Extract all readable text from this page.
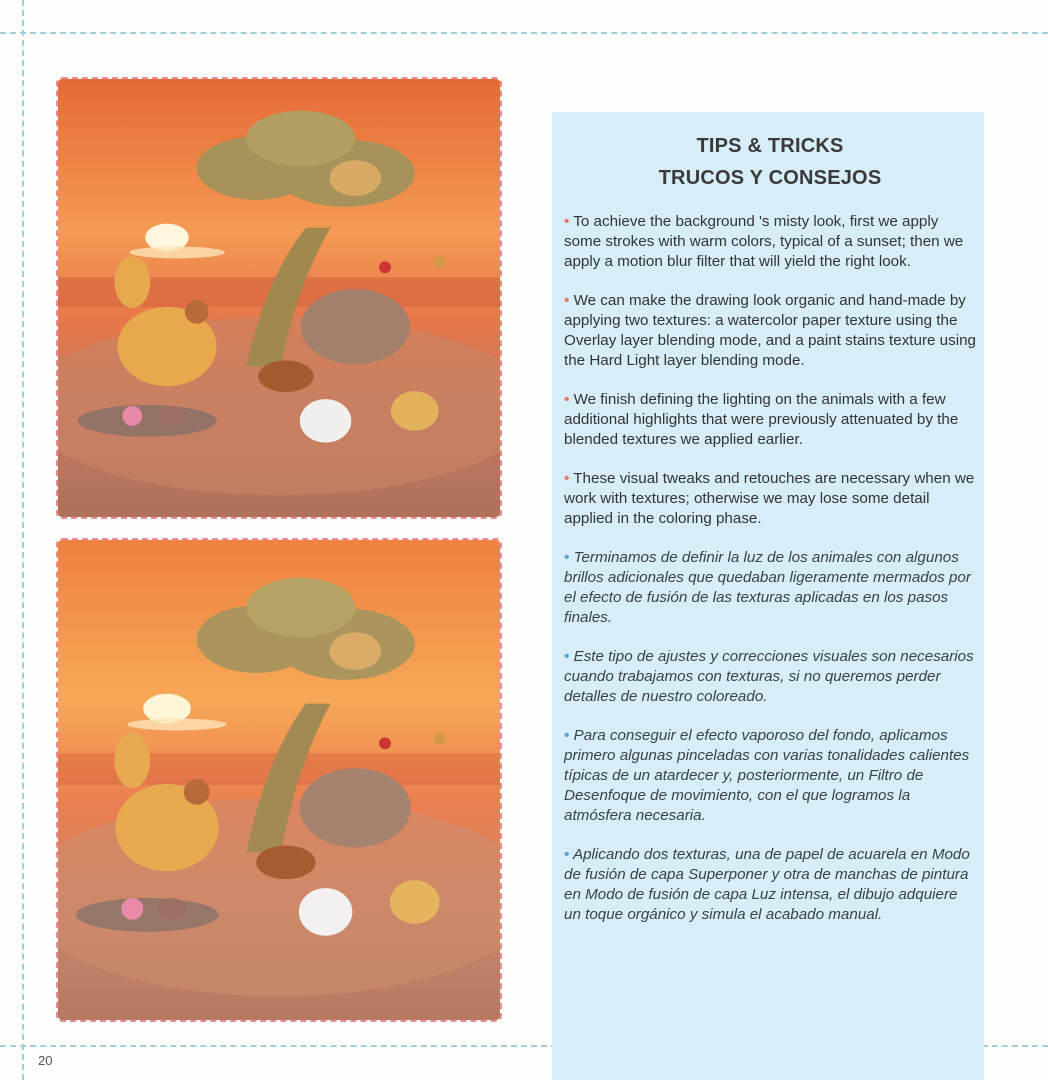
TIPS & TRICKS
TRUCOS Y CONSEJOS

• To achieve the background 's misty look, first we apply some strokes with warm colors, typical of a sunset; then we apply a motion blur filter that will yield the right look.

• We can make the drawing look organic and hand-made by applying two textures: a watercolor paper texture using the Overlay layer blending mode, and a paint stains texture using the Hard Light layer blending mode.

• We finish defining the lighting on the animals with a few additional highlights that were previously attenuated by the blended textures we applied earlier.

• These visual tweaks and retouches are necessary when we work with textures; otherwise we may lose some detail applied in the coloring phase.

• Terminamos de definir la luz de los animales con algunos brillos adicionales que quedaban ligeramente mermados por el efecto de fusión de las texturas aplicadas en los pasos finales.

• Este tipo de ajustes y correcciones visuales son necesarios cuando trabajamos con texturas, si no queremos perder detalles de nuestro coloreado.

• Para conseguir el efecto vaporoso del fondo, aplicamos primero algunas pinceladas con varias tonalidades calientes típicas de un atardecer y, posteriormente, un Filtro de Desenfoque de movimiento, con el que logramos la atmósfera necesaria.

• Aplicando dos texturas, una de papel de acuarela en Modo de fusión de capa Superponer y otra de manchas de pintura en Modo de fusión de capa Luz intensa, el dibujo adquiere un toque orgánico y simula el acabado manual.

20
